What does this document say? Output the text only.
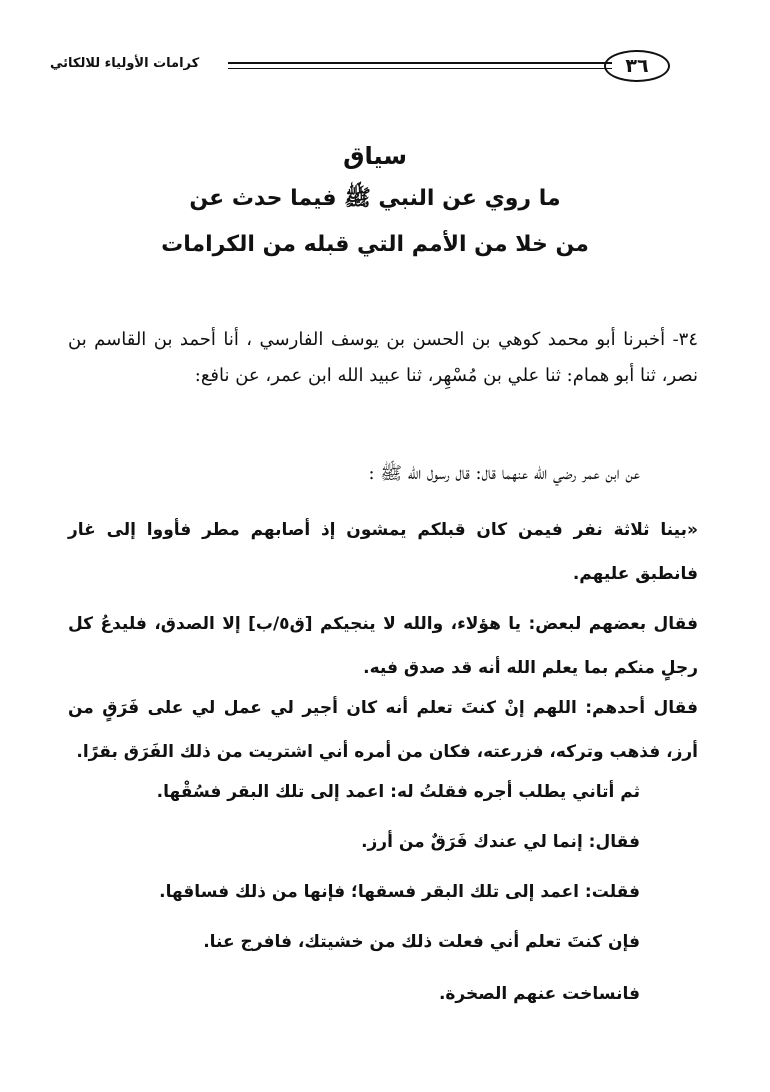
كرامات الأولياء للالكائي	٣٦
سياق
ما روي عن النبي ﷺ فيما حدث عن
من خلا من الأمم التي قبله من الكرامات
٣٤- أخبرنا أبو محمد كوهي بن الحسن بن يوسف الفارسي ، أنا أحمد بن القاسم بن نصر، ثنا أبو همام: ثنا علي بن مُسْهِر، ثنا عبيد الله ابن عمر، عن نافع:
عن ابن عمر رضي الله عنهما قال: قال رسول الله ﷺ :
«بينا ثلاثة نفر فيمن كان قبلكم يمشون إذ أصابهم مطر فأووا إلى غار فانطبق عليهم.
فقال بعضهم لبعض: يا هؤلاء، والله لا ينجيكم [ق٥/ب] إلا الصدق، فليدعُ كل رجلٍ منكم بما يعلم الله أنه قد صدق فيه.
فقال أحدهم: اللهم إنْ كنتَ تعلم أنه كان أجير لي عمل لي على فَرَقٍ من أرز، فذهب وتركه، فزرعته، فكان من أمره أني اشتريت من ذلك الفَرَق بقرًا.
ثم أتاني يطلب أجره فقلتُ له: اعمد إلى تلك البقر فسُقْها.
فقال: إنما لي عندك فَرَقٌ من أرز.
فقلت: اعمد إلى تلك البقر فسقها؛ فإنها من ذلك فساقها.
فإن كنتَ تعلم أني فعلت ذلك من خشيتك، فافرج عنا.
فانساخت عنهم الصخرة.
